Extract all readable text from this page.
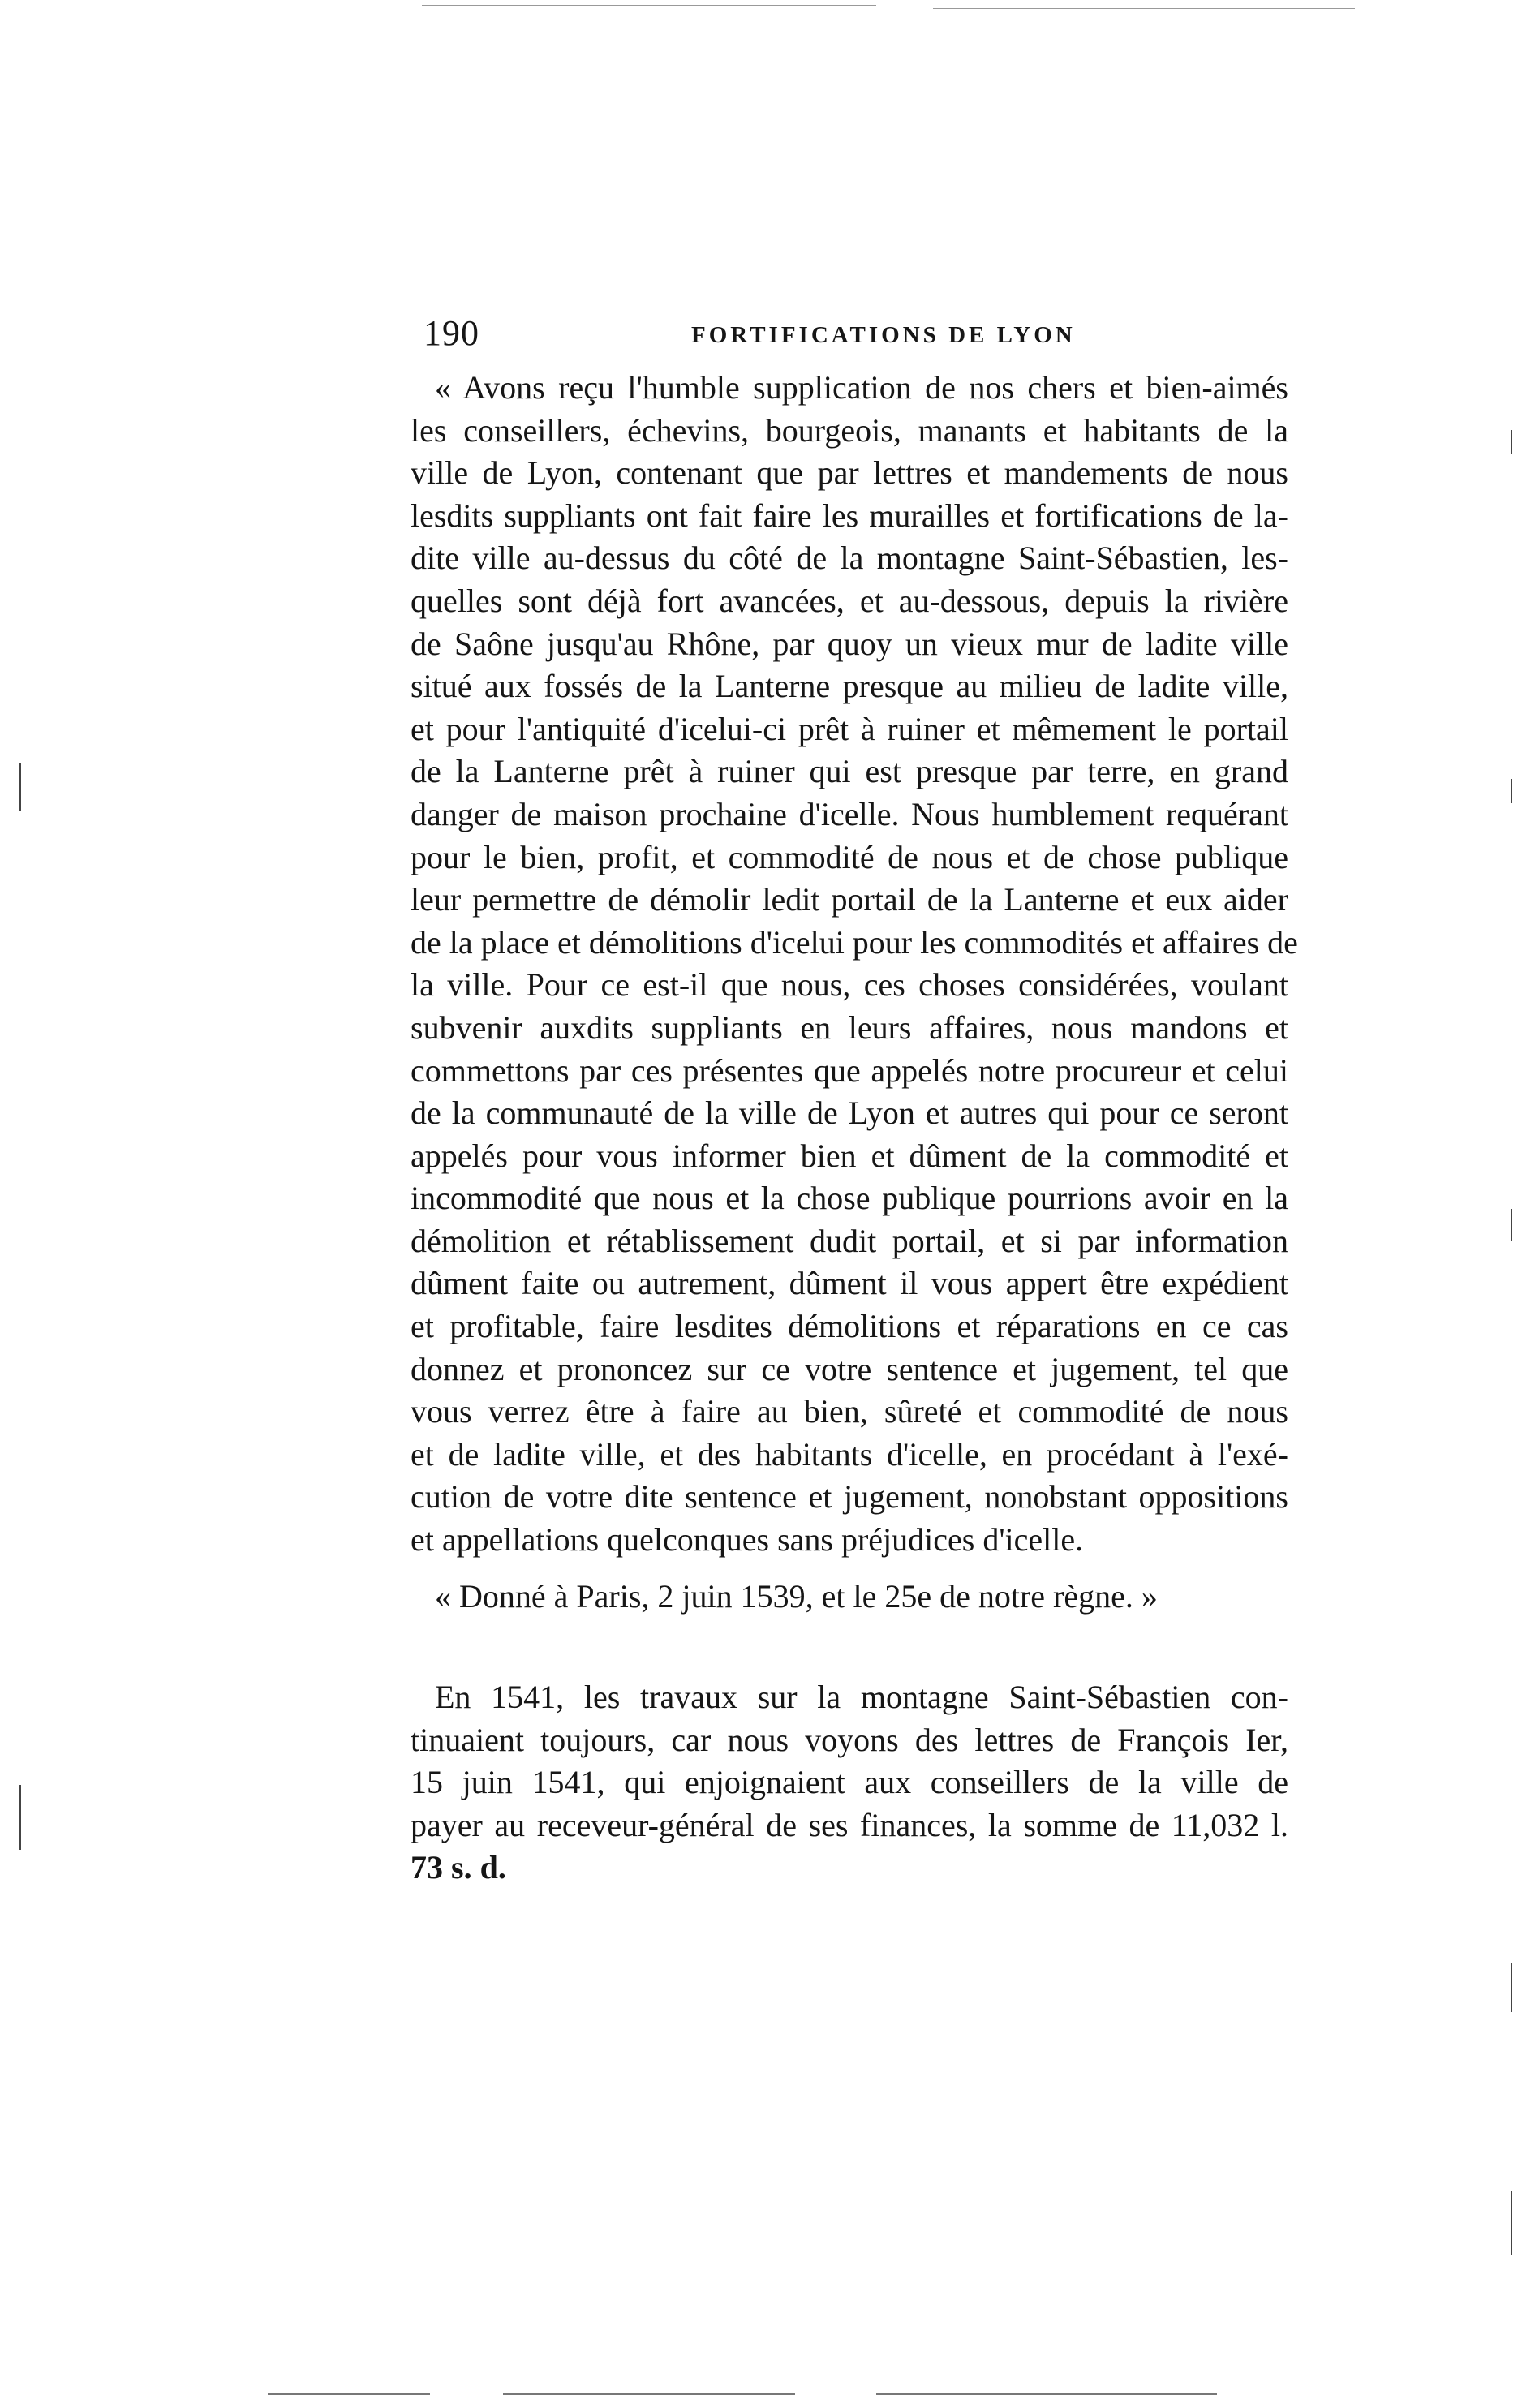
190	FORTIFICATIONS DE LYON
« Avons reçu l'humble supplication de nos chers et bien-aimés
les conseillers, échevins, bourgeois, manants et habitants de la
ville de Lyon, contenant que par lettres et mandements de nous
lesdits suppliants ont fait faire les murailles et fortifications de la-
dite ville au-dessus du côté de la montagne Saint-Sébastien, les-
quelles sont déjà fort avancées, et au-dessous, depuis la rivière
de Saône jusqu'au Rhône, par quoy un vieux mur de ladite ville
situé aux fossés de la Lanterne presque au milieu de ladite ville,
et pour l'antiquité d'icelui-ci prêt à ruiner et mêmement le portail
de la Lanterne prêt à ruiner qui est presque par terre, en grand
danger de maison prochaine d'icelle. Nous humblement requérant
pour le bien, profit, et commodité de nous et de chose publique
leur permettre de démolir ledit portail de la Lanterne et eux aider
de la place et démolitions d'icelui pour les commodités et affaires de
la ville. Pour ce est-il que nous, ces choses considérées, voulant
subvenir auxdits suppliants en leurs affaires, nous mandons et
commettons par ces présentes que appelés notre procureur et celui
de la communauté de la ville de Lyon et autres qui pour ce seront
appelés pour vous informer bien et dûment de la commodité et
incommodité que nous et la chose publique pourrions avoir en la
démolition et rétablissement dudit portail, et si par information
dûment faite ou autrement, dûment il vous appert être expédient
et profitable, faire lesdites démolitions et réparations en ce cas
donnez et prononcez sur ce votre sentence et jugement, tel que
vous verrez être à faire au bien, sûreté et commodité de nous
et de ladite ville, et des habitants d'icelle, en procédant à l'exé-
cution de votre dite sentence et jugement, nonobstant oppositions
et appellations quelconques sans préjudices d'icelle.
« Donné à Paris, 2 juin 1539, et le 25e de notre règne. »
En 1541, les travaux sur la montagne Saint-Sébastien con-
tinuaient toujours, car nous voyons des lettres de François Ier,
15 juin 1541, qui enjoignaient aux conseillers de la ville de
payer au receveur-général de ses finances, la somme de 11,032 l.
73 s. d.
